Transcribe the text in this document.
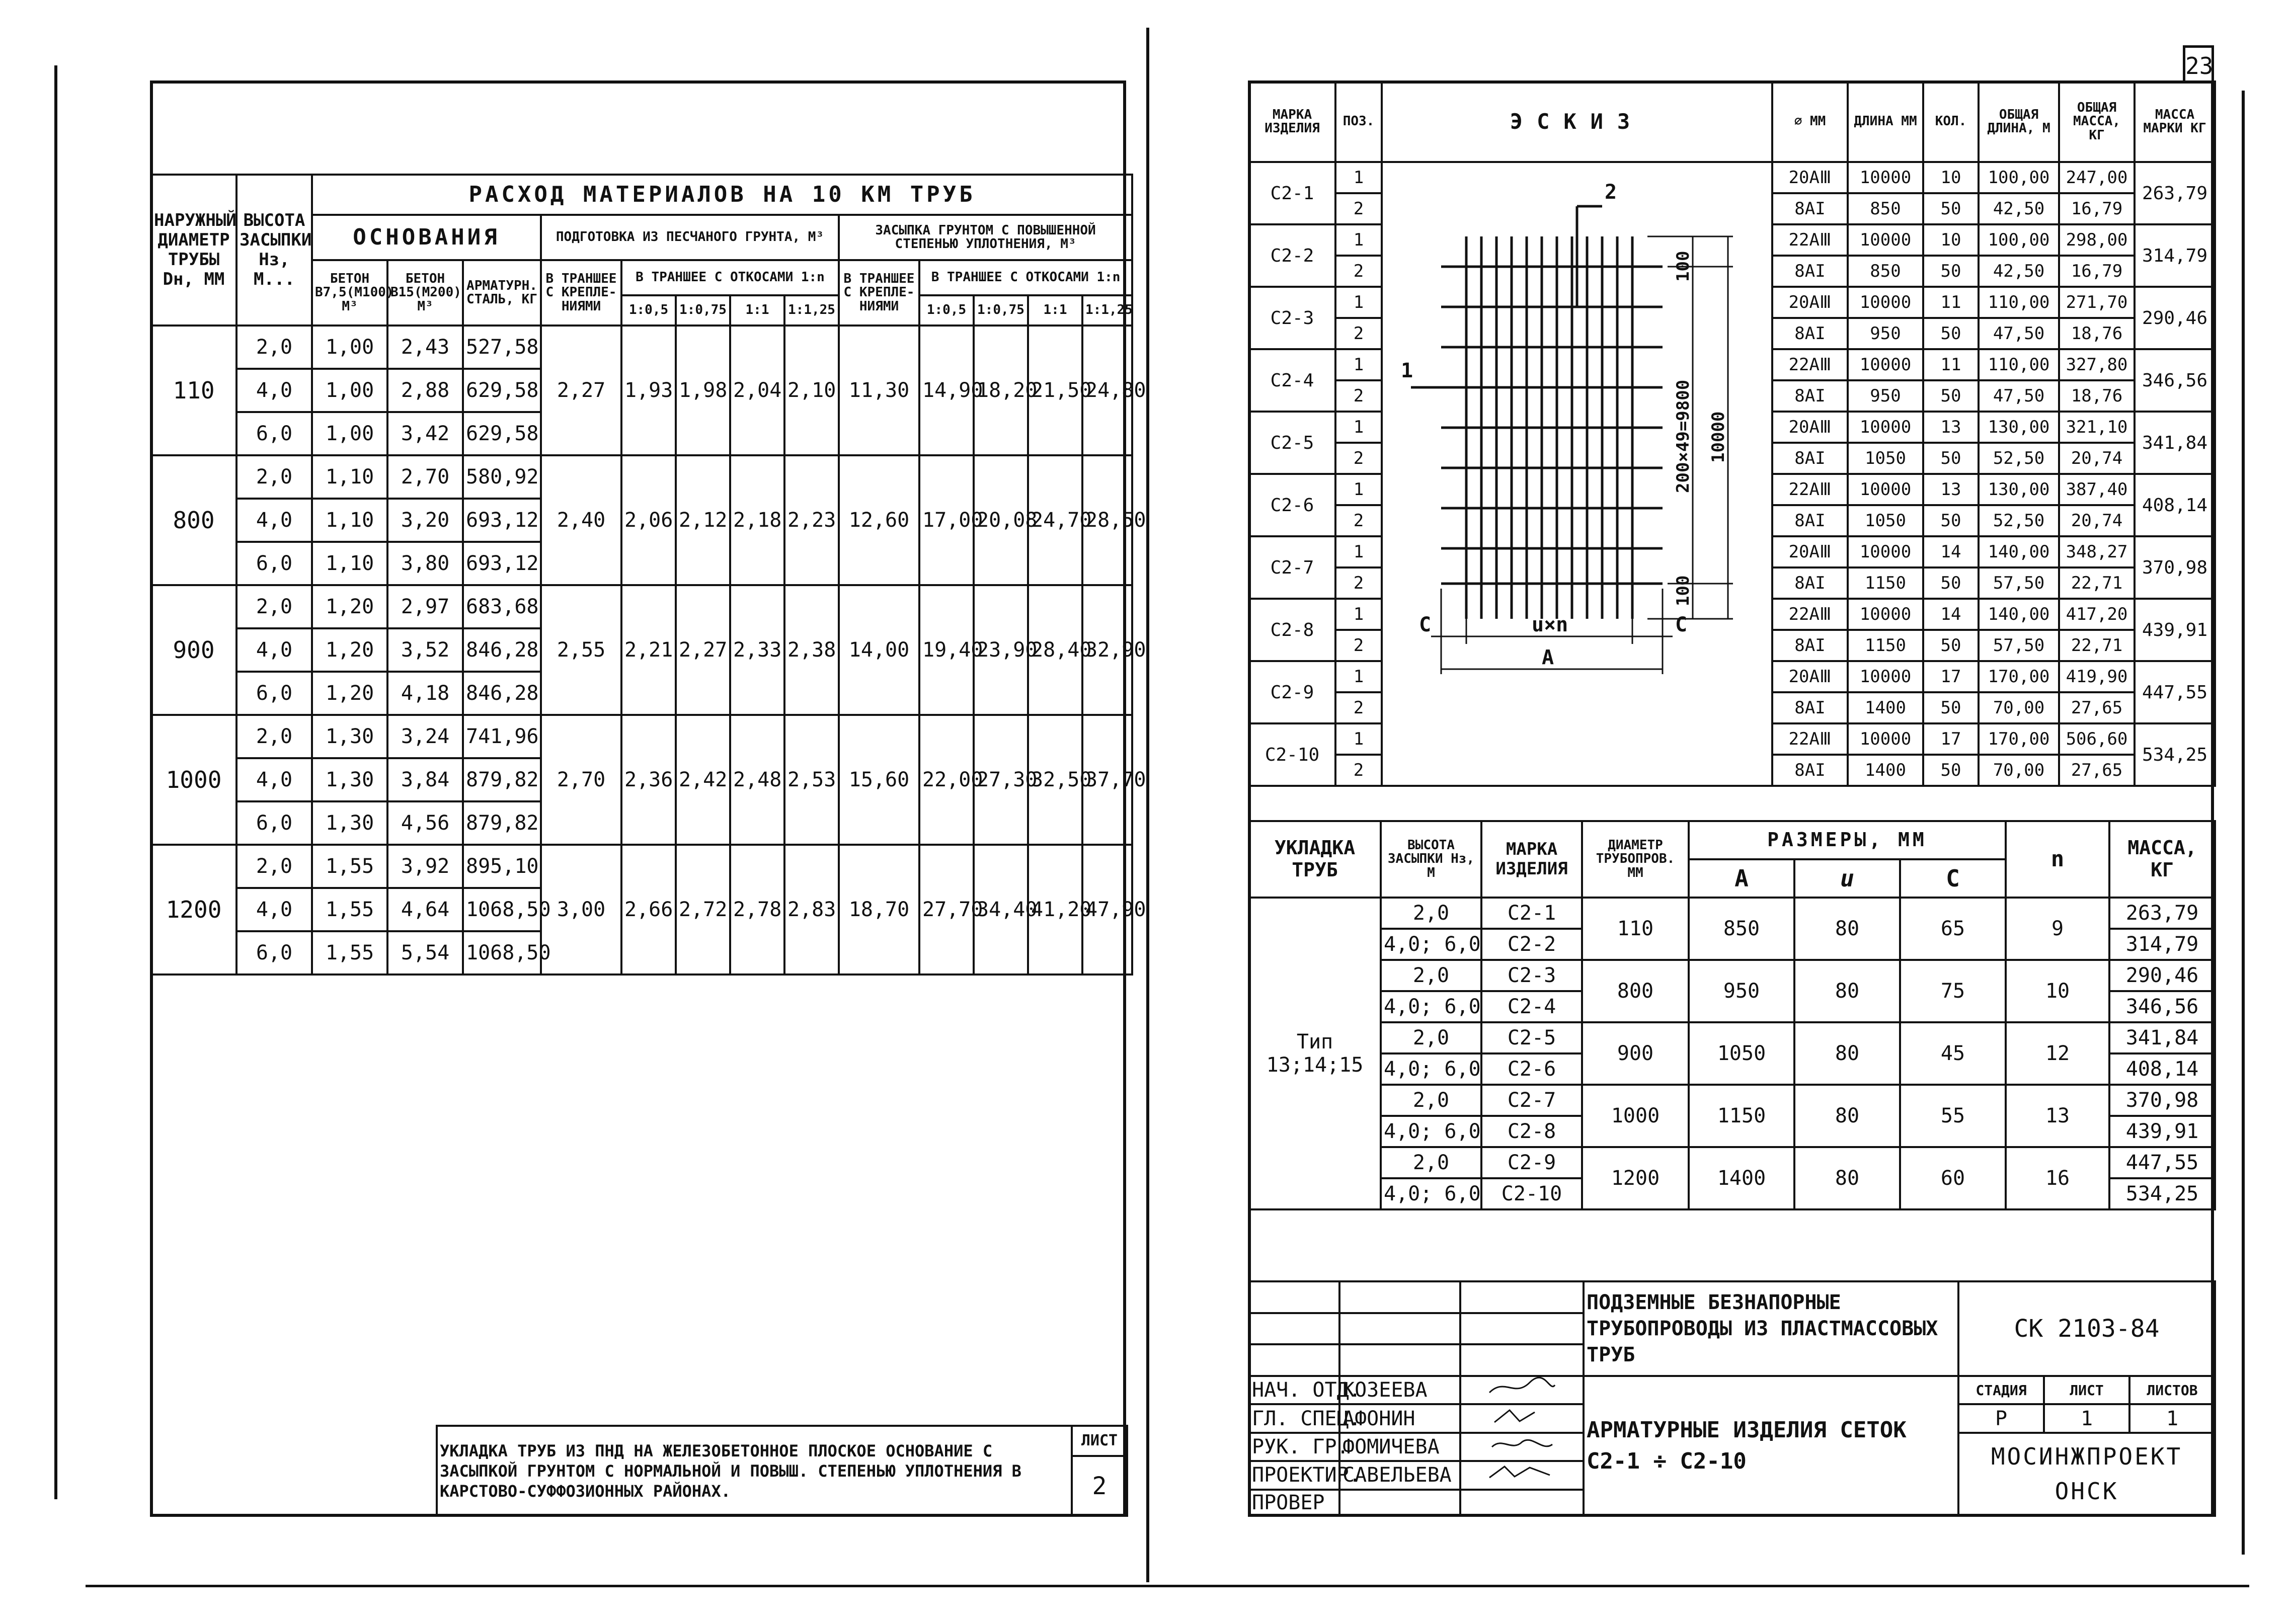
НАРУЖНЫЙ ДИАМЕТР ТРУБЫ Dн, ММ	ВЫСОТА ЗАСЫПКИ Нз, М...	РАСХОД МАТЕРИАЛОВ НА 10 КМ ТРУБ												
		ОСНОВАНИЯ			ПОДГОТОВКА ИЗ ПЕСЧАНОГО ГРУНТА, М³					ЗАСЫПКА ГРУНТОМ С ПОВЫШЕННОЙ СТЕПЕНЬЮ УПЛОТНЕНИЯ, М³				
		БЕТОН В7,5(М100) М³	БЕТОН В15(М200) М³	АРМАТУРН. СТАЛЬ, КГ	В ТРАНШЕЕ С КРЕПЛЕ-НИЯМИ	В ТРАНШЕЕ С ОТКОСАМИ 1:n				В ТРАНШЕЕ С КРЕПЛЕ-НИЯМИ	В ТРАНШЕЕ С ОТКОСАМИ 1:n			
						1:0,5	1:0,75	1:1	1:1,25		1:0,5	1:0,75	1:1	1:1,25
110	2,0	1,00	2,43	527,58	2,27	1,93	1,98	2,04	2,10	11,30	14,90	18,20	21,50	24,80
	4,0	1,00	2,88	629,58										
	6,0	1,00	3,42	629,58										
800	2,0	1,10	2,70	580,92	2,40	2,06	2,12	2,18	2,23	12,60	17,00	20,08	24,70	28,50
	4,0	1,10	3,20	693,12										
	6,0	1,10	3,80	693,12										
900	2,0	1,20	2,97	683,68	2,55	2,21	2,27	2,33	2,38	14,00	19,40	23,90	28,40	32,90
	4,0	1,20	3,52	846,28										
	6,0	1,20	4,18	846,28										
1000	2,0	1,30	3,24	741,96	2,70	2,36	2,42	2,48	2,53	15,60	22,00	27,30	32,50	37,70
	4,0	1,30	3,84	879,82										
	6,0	1,30	4,56	879,82										
1200	2,0	1,55	3,92	895,10	3,00	2,66	2,72	2,78	2,83	18,70	27,70	34,40	41,20	47,90
	4,0	1,55	4,64	1068,50										
	6,0	1,55	5,54	1068,50										
УКЛАДКА ТРУБ ИЗ ПНД НА ЖЕЛЕЗОБЕТОННОЕ ПЛОСКОЕ ОСНОВАНИЕ С ЗАСЫПКОЙ ГРУНТОМ С НОРМАЛЬНОЙ И ПОВЫШ. СТЕПЕНЬЮ УПЛОТНЕНИЯ В КАРСТОВО-СУФФОЗИОННЫХ РАЙОНАХ.	ЛИСТ
2
23
МАРКА ИЗДЕЛИЯ	ПОЗ.	ЭСКИЗ	⌀ ММ	ДЛИНА ММ	КОЛ.	ОБЩАЯ ДЛИНА, М	ОБЩАЯ МАССА, КГ	МАССА МАРКИ КГ
С2-1	1		20АⅢ	10000	10	100,00	247,00	263,79
	2		8АI	850	50	42,50	16,79	
С2-2	1		22АⅢ	10000	10	100,00	298,00	314,79
	2		8АI	850	50	42,50	16,79	
С2-3	1		20АⅢ	10000	11	110,00	271,70	290,46
	2		8АI	950	50	47,50	18,76	
С2-4	1		22АⅢ	10000	11	110,00	327,80	346,56
	2		8АI	950	50	47,50	18,76	
С2-5	1		20АⅢ	10000	13	130,00	321,10	341,84
	2		8АI	1050	50	52,50	20,74	
С2-6	1		22АⅢ	10000	13	130,00	387,40	408,14
	2		8АI	1050	50	52,50	20,74	
С2-7	1		20АⅢ	10000	14	140,00	348,27	370,98
	2		8АI	1150	50	57,50	22,71	
С2-8	1		22АⅢ	10000	14	140,00	417,20	439,91
	2		8АI	1150	50	57,50	22,71	
С2-9	1		20АⅢ	10000	17	170,00	419,90	447,55
	2		8АI	1400	50	70,00	27,65	
С2-10	1		22АⅢ	10000	17	170,00	506,60	534,25
	2		8АI	1400	50	70,00	27,65	
2
1
С	С
u×n
А
100
200×49=9800
100
10000
УКЛАДКА ТРУБ	ВЫСОТА ЗАСЫПКИ Нз, М	МАРКА ИЗДЕЛИЯ	ДИАМЕТР ТРУБОПРОВ. ММ	РАЗМЕРЫ, ММ			n	МАССА, КГ
				А	u	С		
Тип 13;14;15	2,0	С2-1	110	850	80	65	9	263,79
	4,0; 6,0	С2-2						314,79
	2,0	С2-3	800	950	80	75	10	290,46
	4,0; 6,0	С2-4						346,56
	2,0	С2-5	900	1050	80	45	12	341,84
	4,0; 6,0	С2-6						408,14
	2,0	С2-7	1000	1150	80	55	13	370,98
	4,0; 6,0	С2-8						439,91
	2,0	С2-9	1200	1400	80	60	16	447,55
	4,0; 6,0	С2-10						534,25
			ПОДЗЕМНЫЕ БЕЗНАПОРНЫЕ ТРУБОПРОВОДЫ ИЗ ПЛАСТМАССОВЫХ ТРУБ	СК 2103-84		

НАЧ. ОТД.	КОЗЕЕВА		АРМАТУРНЫЕ ИЗДЕЛИЯ СЕТОК С2-1 ÷ С2-10	СТАДИЯ	ЛИСТ	ЛИСТОВ
ГЛ. СПЕЦ.	АФОНИН			Р	1	1
РУК. ГР.	ФОМИЧЕВА			МОСИНЖПРОЕКТ ОНСК		
ПРОЕКТИР.	САВЕЛЬЕВА	
ПРОВЕР						
